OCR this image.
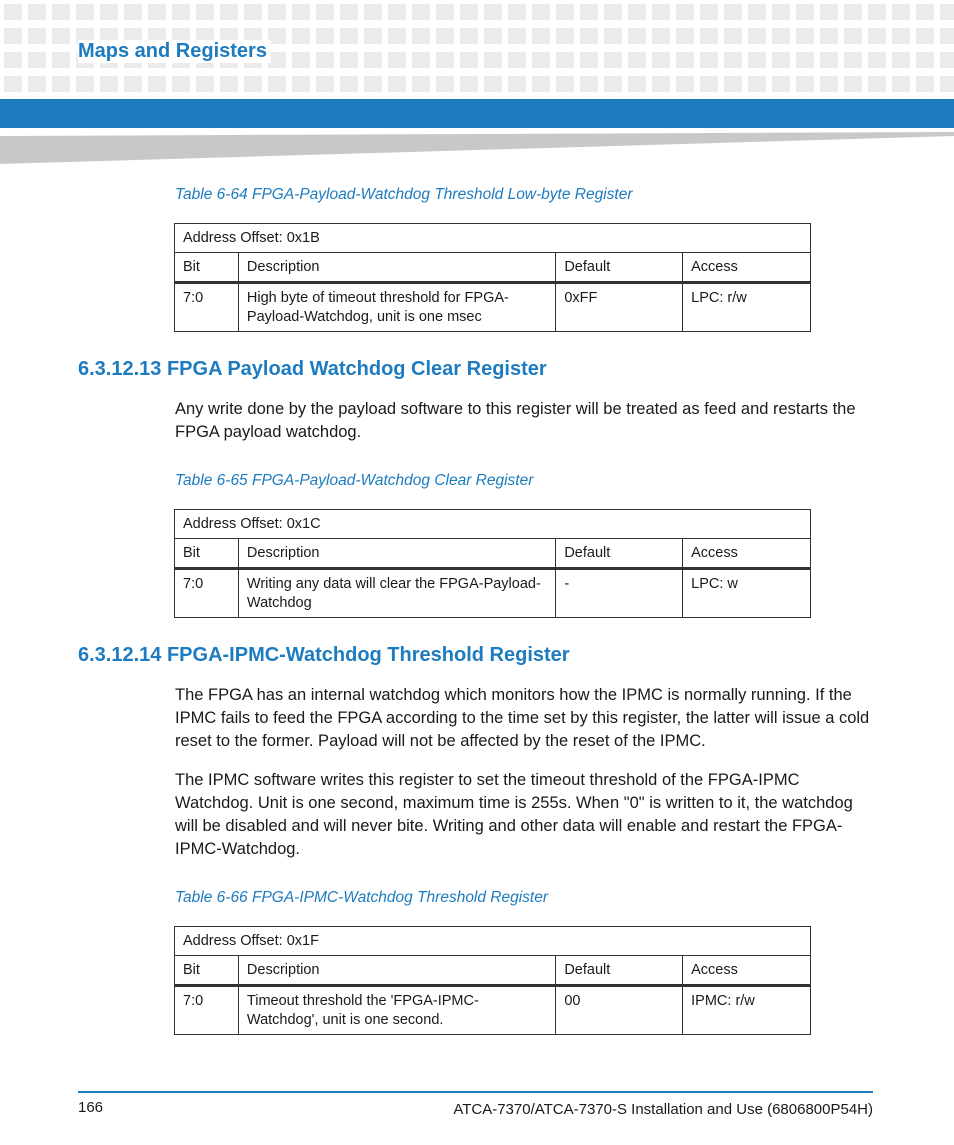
Maps and Registers
Table 6-64 FPGA-Payload-Watchdog Threshold Low-byte Register
Address Offset: 0x1B			
Bit	Description	Default	Access
7:0	High byte of timeout threshold for FPGA-Payload-Watchdog, unit is one msec	0xFF	LPC: r/w
6.3.12.13 FPGA Payload Watchdog Clear Register
Any write done by the payload software to this register will be treated as feed and restarts the FPGA payload watchdog.
Table 6-65 FPGA-Payload-Watchdog Clear Register
Address Offset: 0x1C			
Bit	Description	Default	Access
7:0	Writing any data will clear the FPGA-Payload-Watchdog	-	LPC: w
6.3.12.14 FPGA-IPMC-Watchdog Threshold Register
The FPGA has an internal watchdog which monitors how the IPMC is normally running. If the IPMC fails to feed the FPGA according to the time set by this register, the latter will issue a cold reset to the former. Payload will not be affected by the reset of the IPMC.
The IPMC software writes this register to set the timeout threshold of the FPGA-IPMC Watchdog. Unit is one second, maximum time is 255s. When "0" is written to it, the watchdog will be disabled and will never bite. Writing and other data will enable and restart the FPGA-IPMC-Watchdog.
Table 6-66 FPGA-IPMC-Watchdog Threshold Register
Address Offset: 0x1F			
Bit	Description	Default	Access
7:0	Timeout threshold the 'FPGA-IPMC-Watchdog', unit is one second.	00	IPMC: r/w
166	ATCA-7370/ATCA-7370-S Installation and Use (6806800P54H)
